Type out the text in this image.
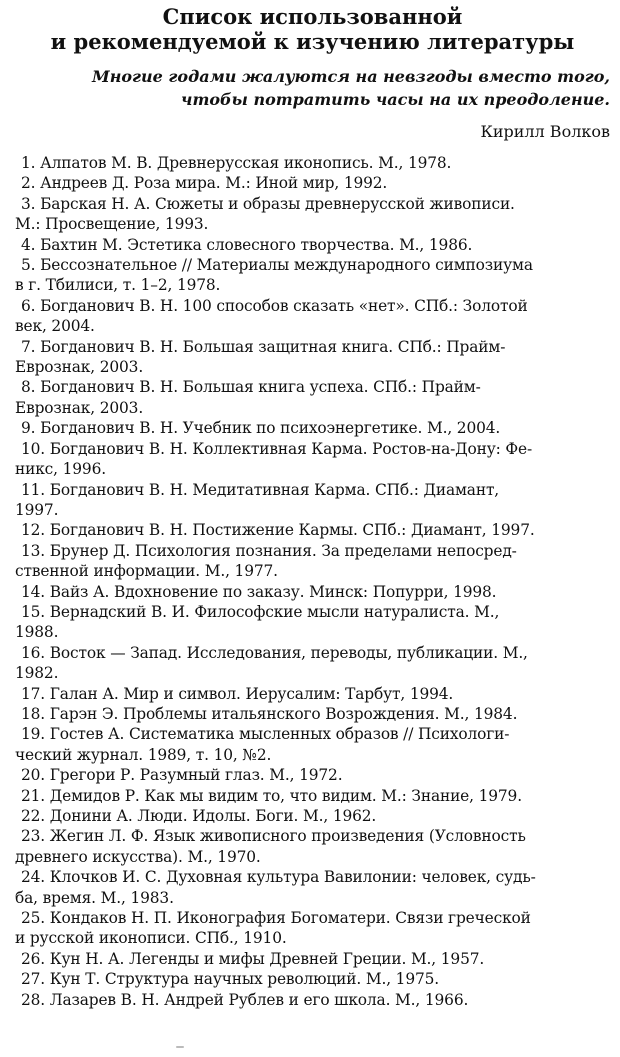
Список использованной
и рекомендуемой к изучению литературы
Многие годами жалуются на невзгоды вместо того,
чтобы потратить часы на их преодоление.
Кирилл Волков
1. Алпатов М. В. Древнерусская иконопись. М., 1978.
2. Андреев Д. Роза мира. М.: Иной мир, 1992.
3. Барская Н. А. Сюжеты и образы древнерусской живописи.
М.: Просвещение, 1993.
4. Бахтин М. Эстетика словесного творчества. М., 1986.
5. Бессознательное // Материалы международного симпозиума
в г. Тбилиси, т. 1–2, 1978.
6. Богданович В. Н. 100 способов сказать «нет». СПб.: Золотой
век, 2004.
7. Богданович В. Н. Большая защитная книга. СПб.: Прайм-
Еврознак, 2003.
8. Богданович В. Н. Большая книга успеха. СПб.: Прайм-
Еврознак, 2003.
9. Богданович В. Н. Учебник по психоэнергетике. М., 2004.
10. Богданович В. Н. Коллективная Карма. Ростов-на-Дону: Фе-
никс, 1996.
11. Богданович В. Н. Медитативная Карма. СПб.: Диамант,
1997.
12. Богданович В. Н. Постижение Кармы. СПб.: Диамант, 1997.
13. Брунер Д. Психология познания. За пределами непосред-
ственной информации. М., 1977.
14. Вайз А. Вдохновение по заказу. Минск: Попурри, 1998.
15. Вернадский В. И. Философские мысли натуралиста. М.,
1988.
16. Восток — Запад. Исследования, переводы, публикации. М.,
1982.
17. Галан А. Мир и символ. Иерусалим: Тарбут, 1994.
18. Гарэн Э. Проблемы итальянского Возрождения. М., 1984.
19. Гостев А. Систематика мысленных образов // Психологи-
ческий журнал. 1989, т. 10, №2.
20. Грегори Р. Разумный глаз. М., 1972.
21. Демидов Р. Как мы видим то, что видим. М.: Знание, 1979.
22. Донини А. Люди. Идолы. Боги. М., 1962.
23. Жегин Л. Ф. Язык живописного произведения (Условность
древнего искусства). М., 1970.
24. Клочков И. С. Духовная культура Вавилонии: человек, судь-
ба, время. М., 1983.
25. Кондаков Н. П. Иконография Богоматери. Связи греческой
и русской иконописи. СПб., 1910.
26. Кун Н. А. Легенды и мифы Древней Греции. М., 1957.
27. Кун Т. Структура научных революций. М., 1975.
28. Лазарев В. Н. Андрей Рублев и его школа. М., 1966.
